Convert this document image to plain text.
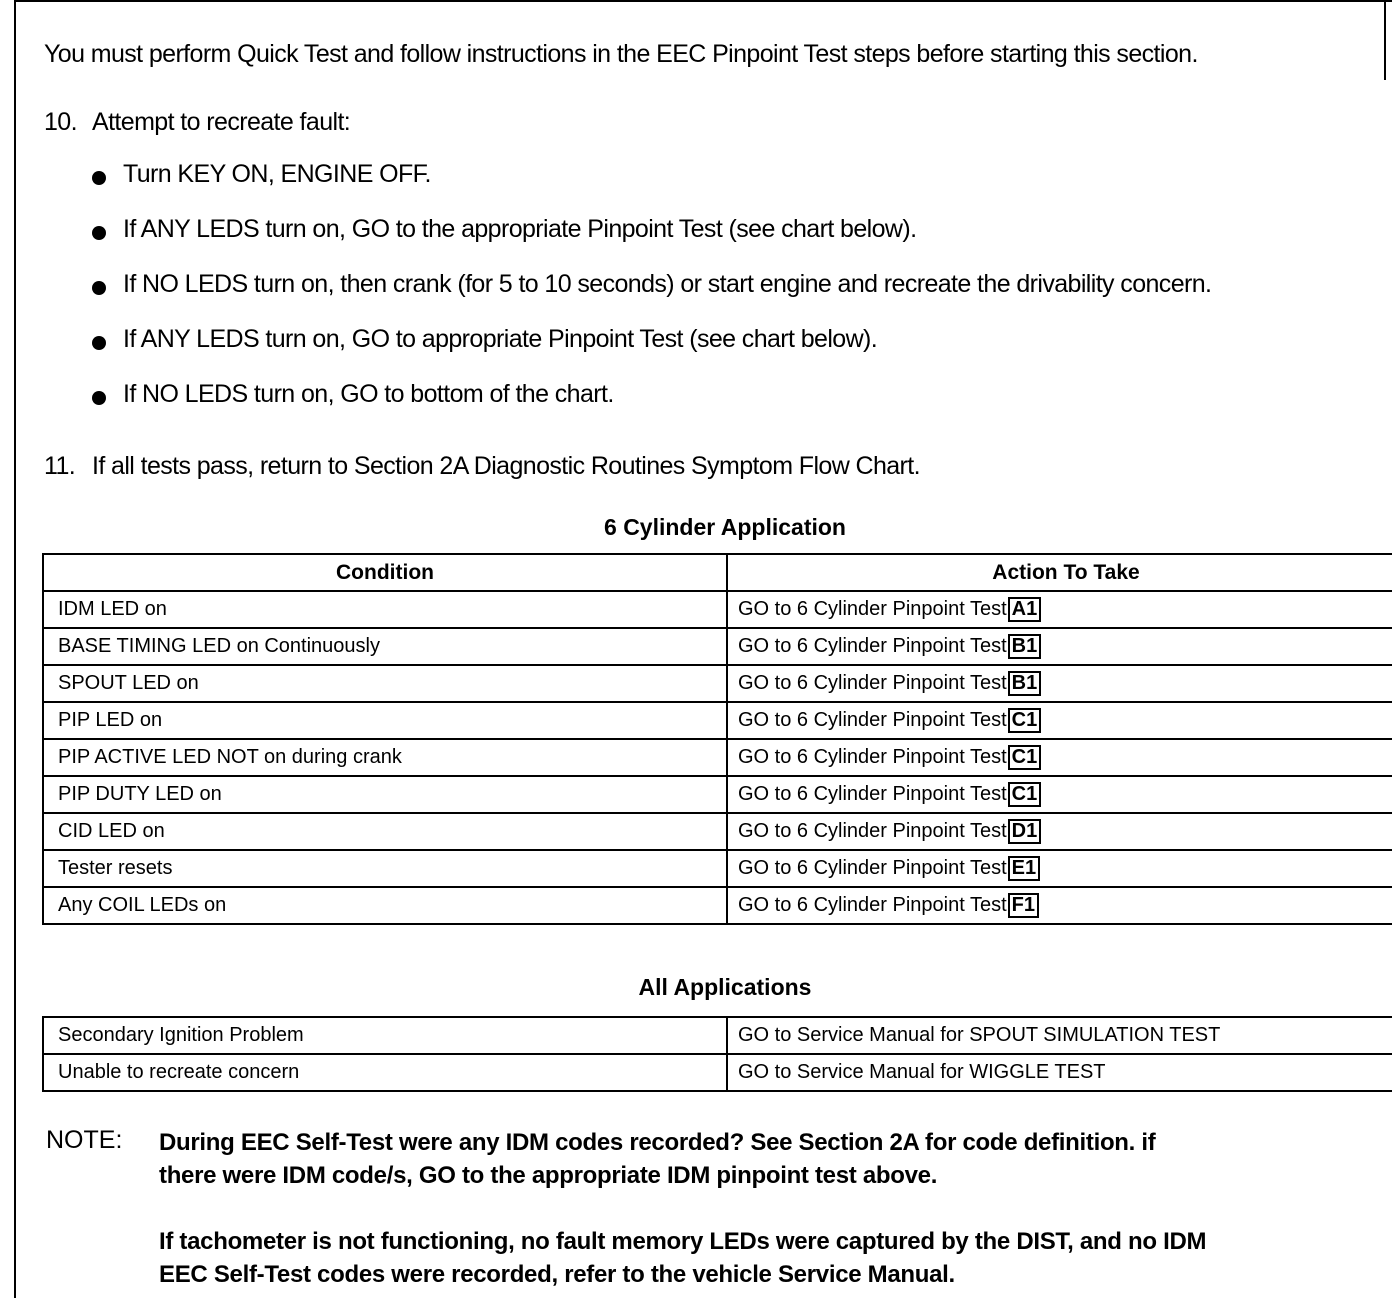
You must perform Quick Test and follow instructions in the EEC Pinpoint Test steps before starting this section.
10. Attempt to recreate fault:
Turn KEY ON, ENGINE OFF.
If ANY LEDS turn on, GO to the appropriate Pinpoint Test (see chart below).
If NO LEDS turn on, then crank (for 5 to 10 seconds) or start engine and recreate the drivability concern.
If ANY LEDS turn on, GO to appropriate Pinpoint Test (see chart below).
If NO LEDS turn on, GO to bottom of the chart.
11. If all tests pass, return to Section 2A Diagnostic Routines Symptom Flow Chart.
6 Cylinder Application
Condition	Action To Take
IDM LED on	GO to 6 Cylinder Pinpoint Test A1
BASE TIMING LED on Continuously	GO to 6 Cylinder Pinpoint Test B1
SPOUT LED on	GO to 6 Cylinder Pinpoint Test B1
PIP LED on	GO to 6 Cylinder Pinpoint Test C1
PIP ACTIVE LED NOT on during crank	GO to 6 Cylinder Pinpoint Test C1
PIP DUTY LED on	GO to 6 Cylinder Pinpoint Test C1
CID LED on	GO to 6 Cylinder Pinpoint Test D1
Tester resets	GO to 6 Cylinder Pinpoint Test E1
Any COIL LEDs on	GO to 6 Cylinder Pinpoint Test F1
All Applications
Secondary Ignition Problem	GO to Service Manual for SPOUT SIMULATION TEST
Unable to recreate concern	GO to Service Manual for WIGGLE TEST
NOTE: During EEC Self-Test were any IDM codes recorded? See Section 2A for code definition. if

there were IDM code/s, GO to the appropriate IDM pinpoint test above.

If tachometer is not functioning, no fault memory LEDs were captured by the DIST, and no IDM

EEC Self-Test codes were recorded, refer to the vehicle Service Manual.
